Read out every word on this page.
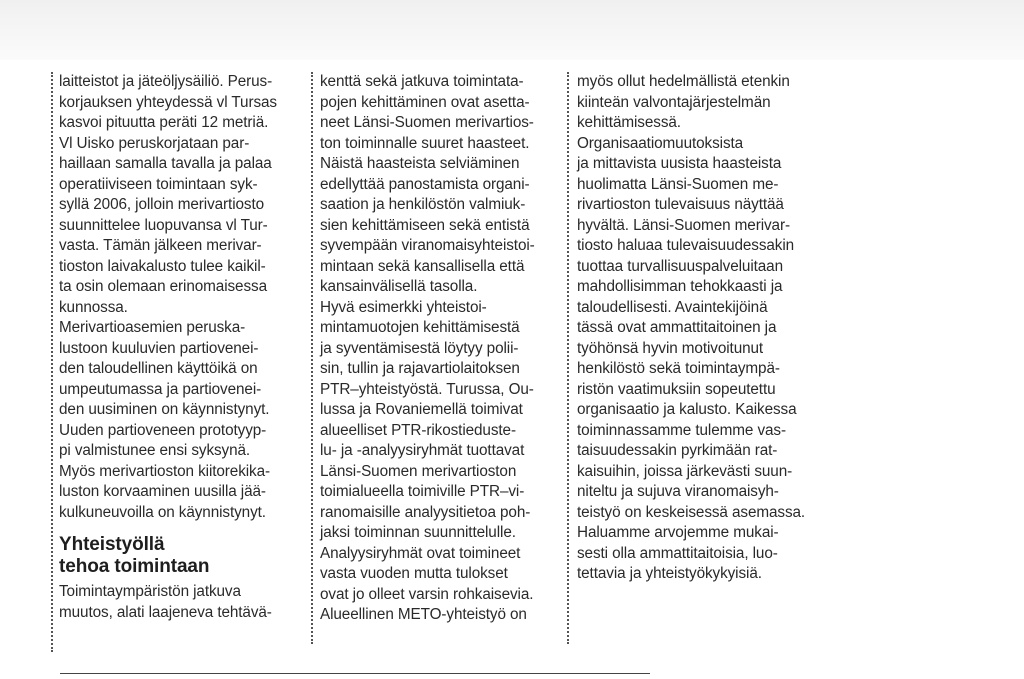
laitteistot ja jäteöljysäiliö. Perus-

korjauksen yhteydessä vl Tursas

kasvoi pituutta peräti 12 metriä.

Vl Uisko peruskorjataan par-

haillaan samalla tavalla ja palaa

operatiiviseen toimintaan syk-

syllä 2006, jolloin merivartiosto

suunnittelee luopuvansa vl Tur-

vasta. Tämän jälkeen merivar-

tioston laivakalusto tulee kaikil-

ta osin olemaan erinomaisessa

kunnossa.

Merivartioasemien peruska-

lustoon kuuluvien partioveneі-

den taloudellinen käyttöikä on

umpeutumassa ja partioveneі-

den uusiminen on käynnistynyt.

Uuden partioveneen prototyyp-

pi valmistunee ensi syksynä.

Myös merivartioston kiitorekika-

luston korvaaminen uusilla jää-

kulkuneuvoilla on käynnistynyt.

Yhteistyöllä
tehoa toimintaan

Toimintaympäristön jatkuva

muutos, alati laajeneva tehtävä-

kenttä sekä jatkuva toimintata-

pojen kehittäminen ovat asetta-

neet Länsi-Suomen merivartios-

ton toiminnalle suuret haasteet.

Näistä haasteista selviäminen

edellyttää panostamista organi-

saation ja henkilöstön valmiuk-

sien kehittämiseen sekä entistä

syvempään viranomaisyhteistoi-

mintaan sekä kansallisella että

kansainvälisellä tasolla.

Hyvä esimerkki yhteistoi-

mintamuotojen kehittämisestä

ja syventämisestä löytyy polii-

sin, tullin ja rajavartiolaitoksen

PTR–yhteistyöstä. Turussa, Ou-

lussa ja Rovaniemellä toimivat

alueelliset PTR-rikostiedustе-

lu- ja -analyysiryhmät tuottavat

Länsi-Suomen merivartioston

toimialueella toimiville PTR–vi-

ranomaisille analyysitietoa poh-

jaksi toiminnan suunnittelulle.

Analyysiryhmät ovat toimineet

vasta vuoden mutta tulokset

ovat jo olleet varsin rohkaisevia.

Alueellinen METO-yhteistyö on

myös ollut hedelmällistä etenkin

kiinteän valvontajärjestelmän

kehittämisessä.

Organisaatiomuutoksista

ja mittavista uusista haasteista

huolimatta Länsi-Suomen me-

rivartioston tulevaisuus näyttää

hyvältä. Länsi-Suomen merivar-

tiosto haluaa tulevaisuudessakin

tuottaa turvallisuuspalveluitaan

mahdollisimman tehokkaasti ja

taloudellisesti. Avaintekijöinä

tässä ovat ammattitaitoinen ja

työhönsä hyvin motivoitunut

henkilöstö sekä toimintaympä-

ristön vaatimuksiin sopeutettu

organisaatio ja kalusto. Kaikessa

toiminnassamme tulemme vas-

taisuudessakin pyrkimään rat-

kaisuihin, joissa järkevästi suun-

niteltu ja sujuva viranomaisyh-

teistyö on keskeisessä asemassa.

Haluamme arvojemme mukai-

sesti olla ammattitaitoisia, luo-

tettavia ja yhteistyökykyisiä.
